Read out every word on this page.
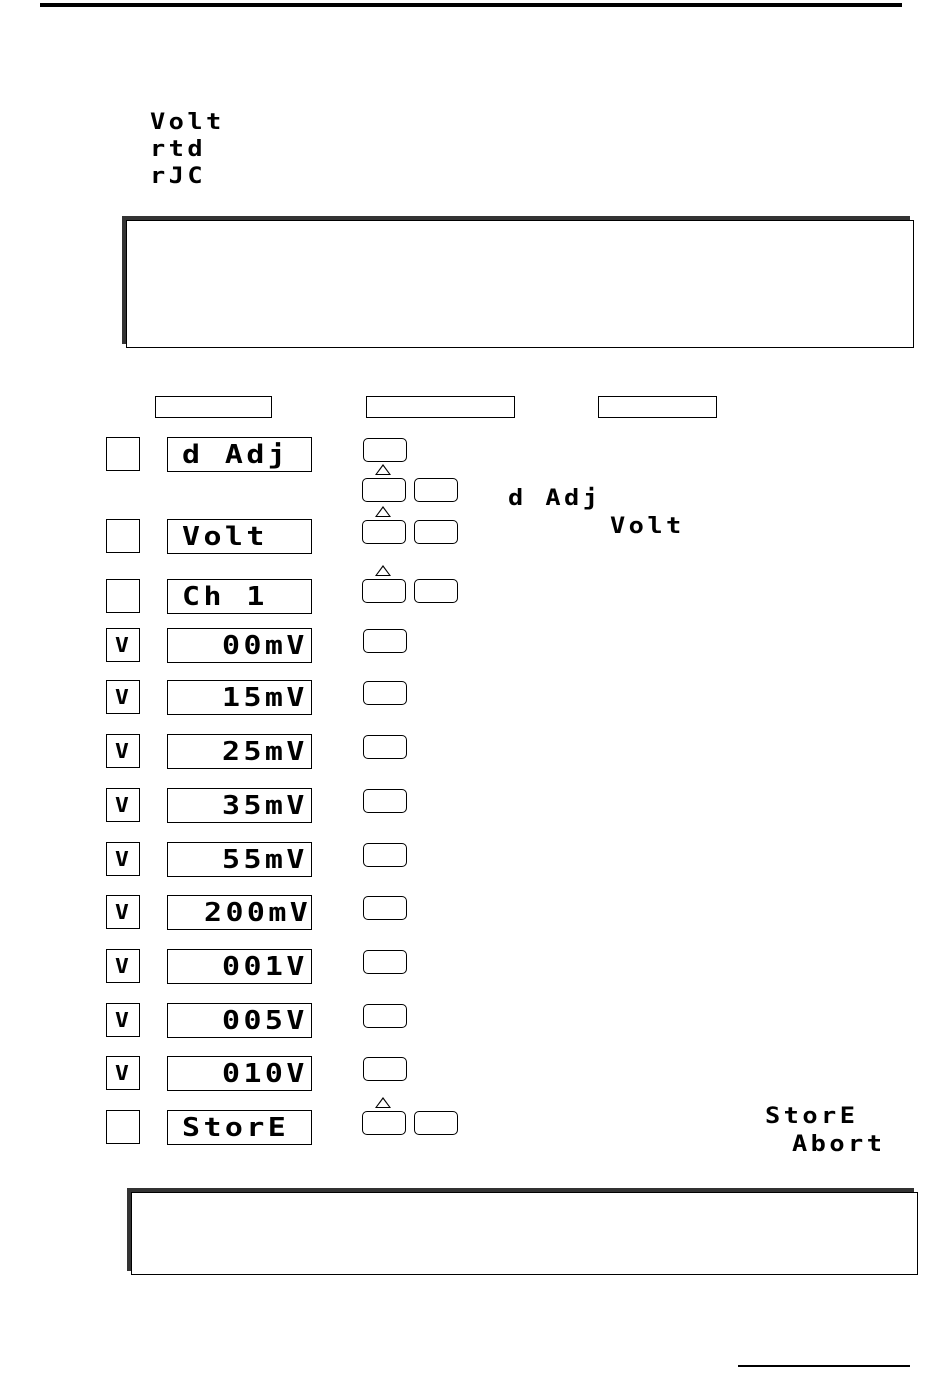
Volt
rtd
rJC
d Adj
Volt
Ch 1
V	00mV
V	15mV
V	25mV
V	35mV
V	55mV
V	200mV
V	001V
V	005V
V	010V
StorE
d Adj
Volt
StorE
Abort
